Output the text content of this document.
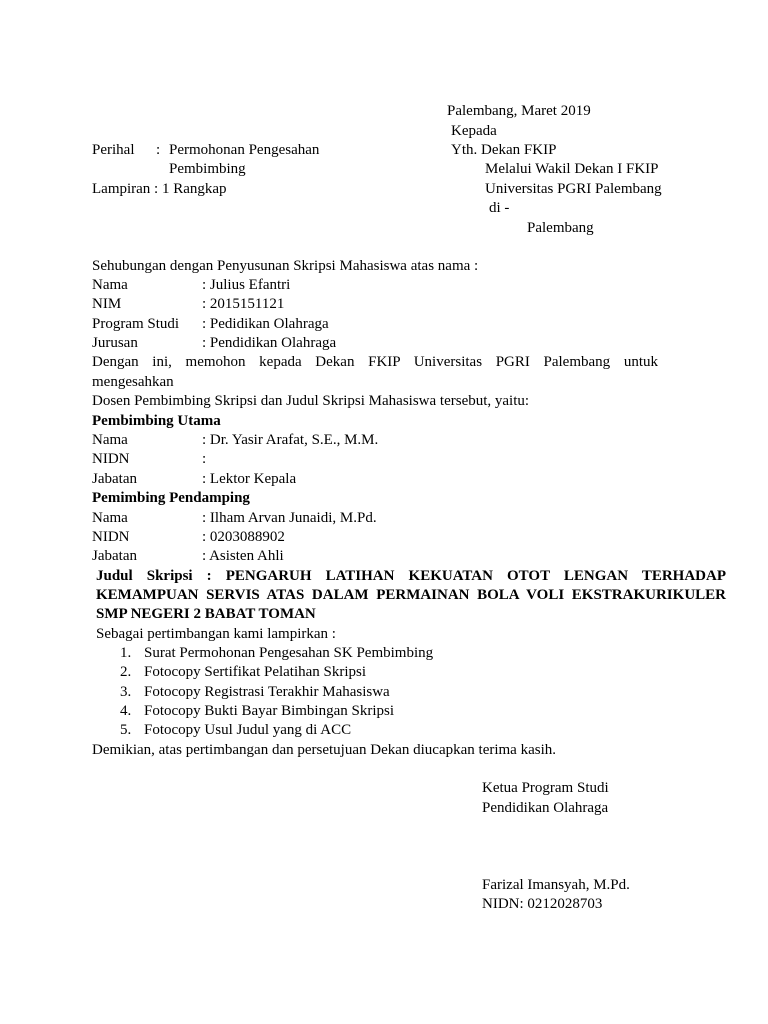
Palembang, Maret 2019
Kepada
Yth. Dekan FKIP
Melalui Wakil Dekan I FKIP
Universitas PGRI Palembang
di -
Palembang
Perihal : Permohonan Pengesahan
Pembimbing
Lampiran : 1 Rangkap
Sehubungan dengan Penyusunan Skripsi Mahasiswa atas nama :
Nama	: Julius Efantri
NIM	: 2015151121
Program Studi : Pedidikan Olahraga
Jurusan	: Pendidikan Olahraga
Dengan ini, memohon kepada Dekan FKIP Universitas PGRI Palembang untuk
mengesahkan
Dosen Pembimbing Skripsi dan Judul Skripsi Mahasiswa tersebut, yaitu:
Pembimbing Utama
Nama	: Dr. Yasir Arafat, S.E., M.M.
NIDN	:
Jabatan	: Lektor Kepala
Pemimbing Pendamping
Nama	: Ilham Arvan Junaidi, M.Pd.
NIDN	: 0203088902
Jabatan	: Asisten Ahli
Judul Skripsi : PENGARUH LATIHAN KEKUATAN OTOT LENGAN TERHADAP
KEMAMPUAN SERVIS ATAS DALAM PERMAINAN BOLA VOLI EKSTRAKURIKULER
SMP NEGERI 2 BABAT TOMAN
Sebagai pertimbangan kami lampirkan :
1. Surat Permohonan Pengesahan SK Pembimbing
2. Fotocopy Sertifikat Pelatihan Skripsi
3. Fotocopy Registrasi Terakhir Mahasiswa
4. Fotocopy Bukti Bayar Bimbingan Skripsi
5. Fotocopy Usul Judul yang di ACC
Demikian, atas pertimbangan dan persetujuan Dekan diucapkan terima kasih.
Ketua Program Studi
Pendidikan Olahraga
Farizal Imansyah, M.Pd.
NIDN: 0212028703
